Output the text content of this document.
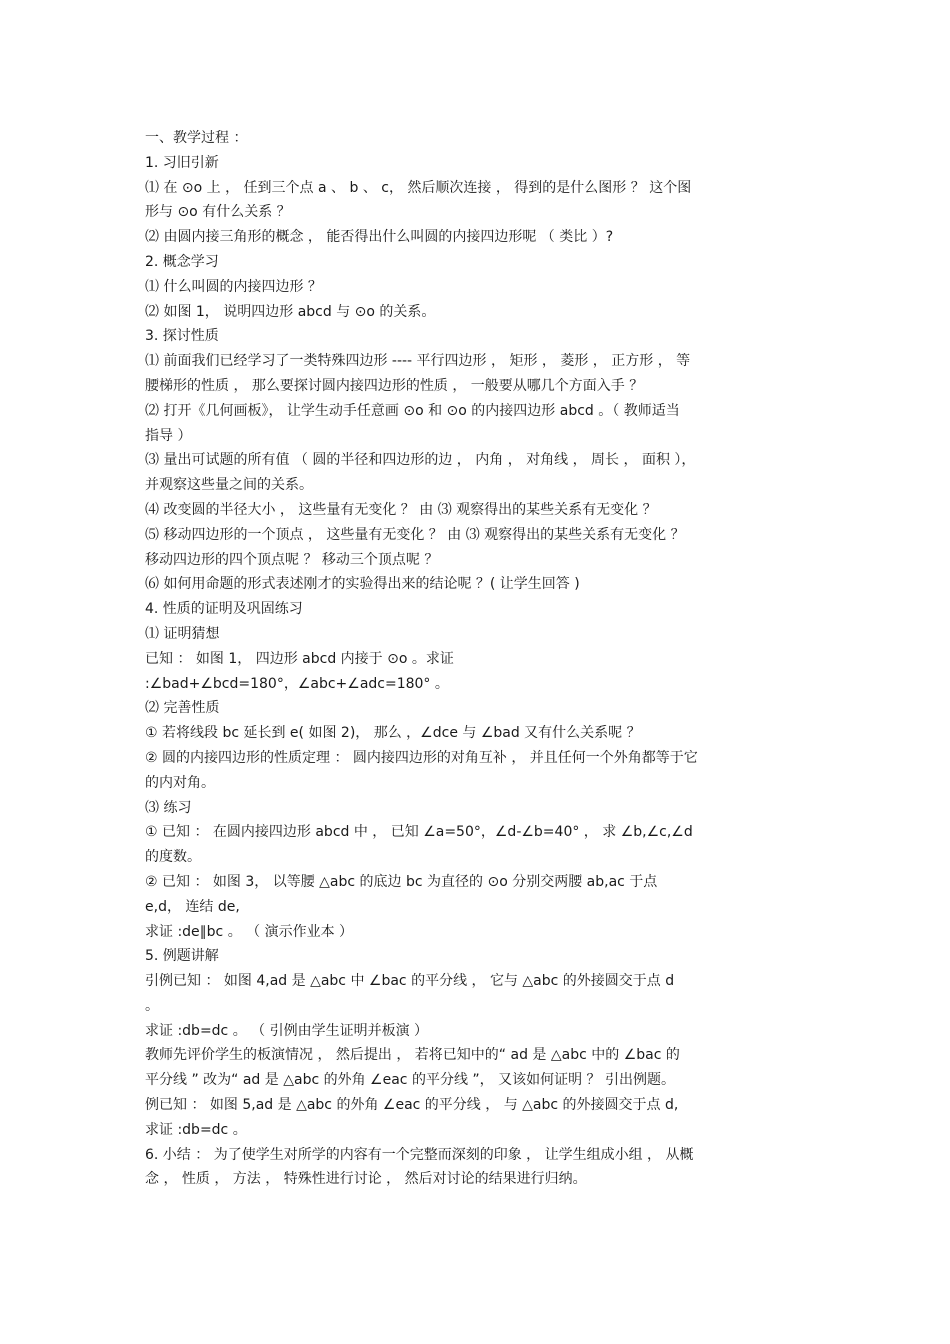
一、教学过程 ：
1. 习旧引新
⑴ 在 ⊙o 上 ， 任到三个点 a 、 b 、 c， 然后顺次连接 ， 得到的是什么图形 ？ 这个图
形与 ⊙o 有什么关系 ？
⑵ 由圆内接三角形的概念 ， 能否得出什么叫圆的内接四边形呢 （ 类比 ）?
2. 概念学习
⑴ 什么叫圆的内接四边形 ？
⑵ 如图 1， 说明四边形 abcd 与 ⊙o 的关系。
3. 探讨性质
⑴ 前面我们已经学习了一类特殊四边形 ---- 平行四边形 ， 矩形 ， 菱形 ， 正方形 ， 等
腰梯形的性质 ， 那么要探讨圆内接四边形的性质 ， 一般要从哪几个方面入手 ？
⑵ 打开《几何画板》， 让学生动手任意画 ⊙o 和 ⊙o 的内接四边形 abcd 。（ 教师适当
指导 ）
⑶ 量出可试题的所有值 （ 圆的半径和四边形的边 ， 内角 ， 对角线 ， 周长 ， 面积 ），
并观察这些量之间的关系。
⑷ 改变圆的半径大小 ， 这些量有无变化 ？ 由 ⑶ 观察得出的某些关系有无变化 ？
⑸ 移动四边形的一个顶点 ， 这些量有无变化 ？ 由 ⑶ 观察得出的某些关系有无变化 ？
移动四边形的四个顶点呢 ？ 移动三个顶点呢 ？
⑹ 如何用命题的形式表述刚才的实验得出来的结论呢 ？( 让学生回答 )
4. 性质的证明及巩固练习
⑴ 证明猜想
已知 ： 如图 1， 四边形 abcd 内接于 ⊙o 。求证
:∠bad+∠bcd=180°，∠abc+∠adc=180° 。
⑵ 完善性质
① 若将线段 bc 延长到 e( 如图 2)， 那么 ，∠dce 与 ∠bad 又有什么关系呢 ？
② 圆的内接四边形的性质定理 ： 圆内接四边形的对角互补 ， 并且任何一个外角都等于它
的内对角。
⑶ 练习
① 已知 ： 在圆内接四边形 abcd 中 ， 已知 ∠a=50°，∠d-∠b=40° ， 求 ∠b,∠c,∠d
的度数。
② 已知 ： 如图 3， 以等腰 △abc 的底边 bc 为直径的 ⊙o 分别交两腰 ab,ac 于点
e,d， 连结 de,
求证 :de∥bc 。 （ 演示作业本 ）
5. 例题讲解
引例已知 ： 如图 4,ad 是 △abc 中 ∠bac 的平分线 ， 它与 △abc 的外接圆交于点 d
。
求证 :db=dc 。 （ 引例由学生证明并板演 ）
教师先评价学生的板演情况 ， 然后提出 ， 若将已知中的“ ad 是 △abc 中的 ∠bac 的
平分线 ” 改为“ ad 是 △abc 的外角 ∠eac 的平分线 ”， 又该如何证明 ？ 引出例题。
例已知 ： 如图 5,ad 是 △abc 的外角 ∠eac 的平分线 ， 与 △abc 的外接圆交于点 d,
求证 :db=dc 。
6. 小结 ： 为了使学生对所学的内容有一个完整而深刻的印象 ， 让学生组成小组 ， 从概
念 ， 性质 ， 方法 ， 特殊性进行讨论 ， 然后对讨论的结果进行归纳。
